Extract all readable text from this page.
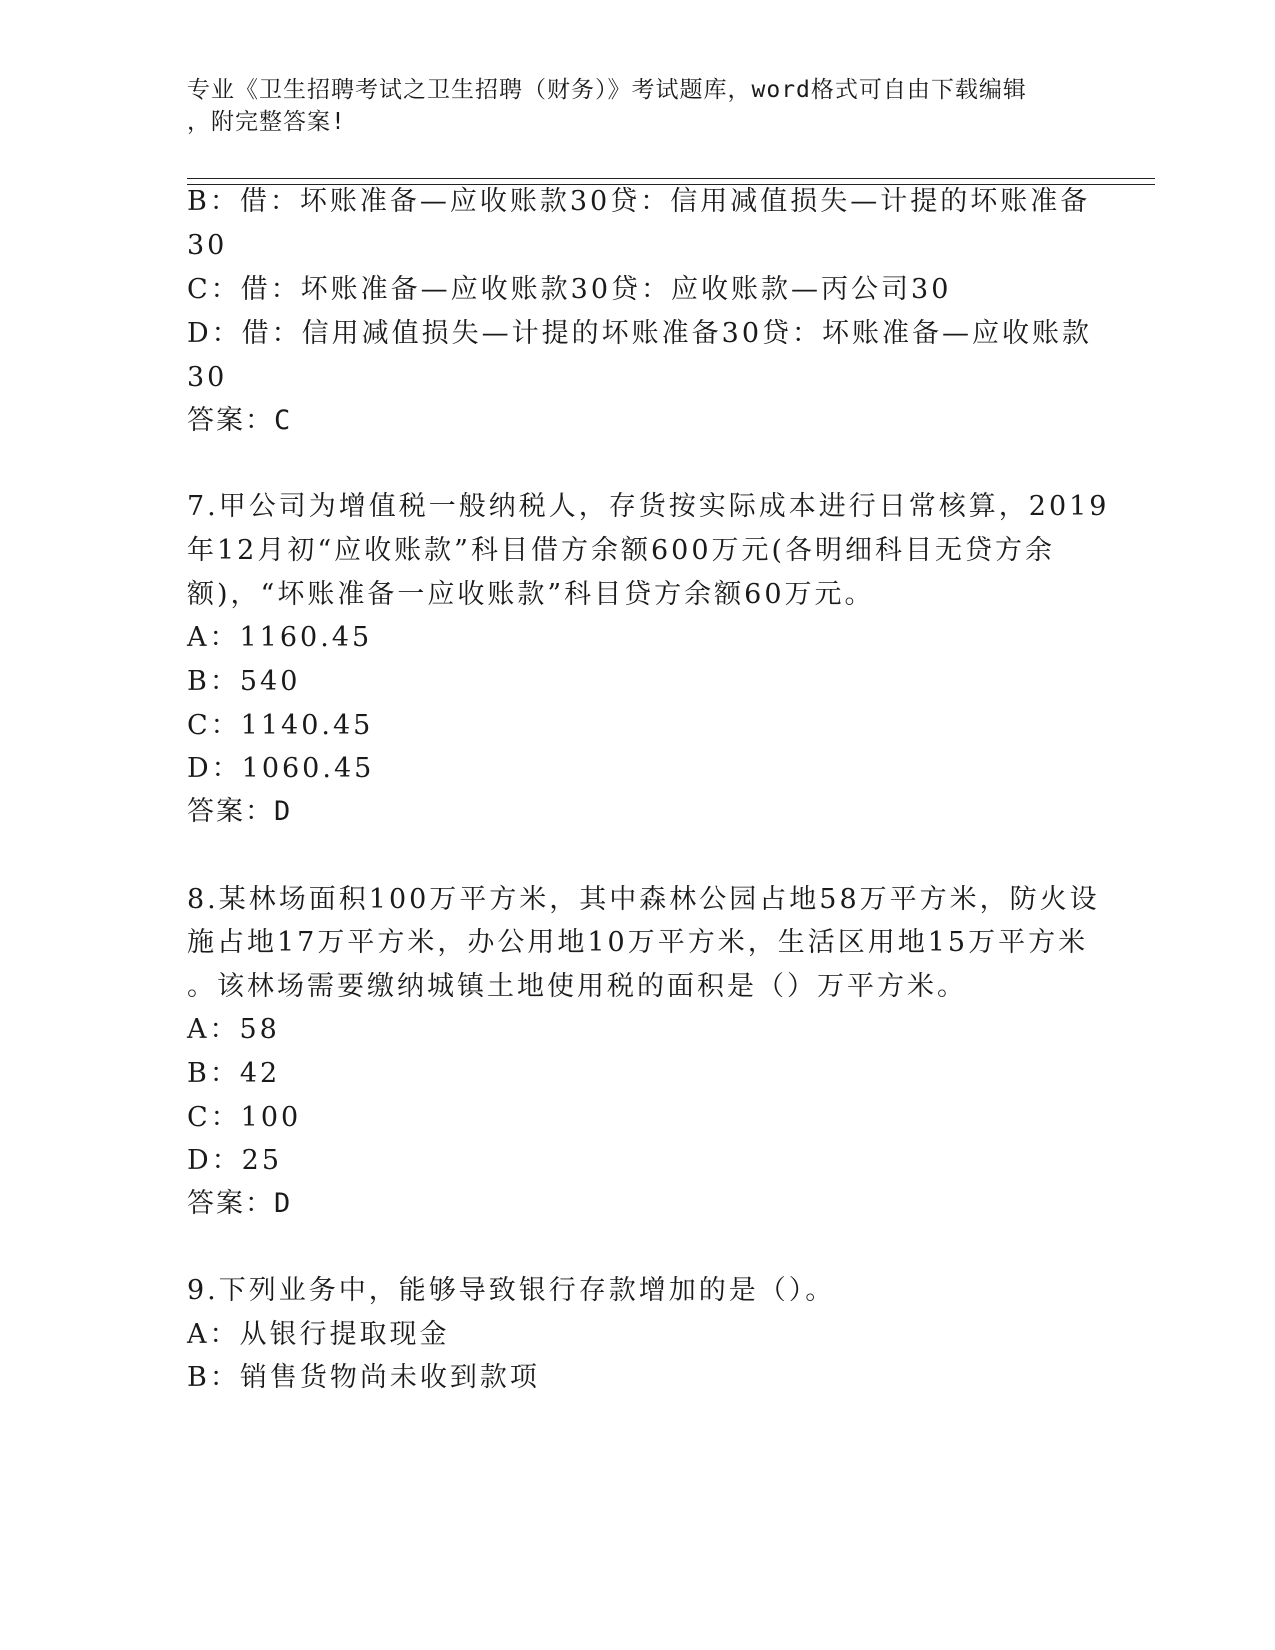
专业《卫生招聘考试之卫生招聘（财务）》考试题库，word格式可自由下载编辑
，附完整答案!
B：借：坏账准备—应收账款30贷：信用减值损失—计提的坏账准备
30
C：借：坏账准备—应收账款30贷：应收账款—丙公司30
D：借：信用减值损失—计提的坏账准备30贷：坏账准备—应收账款
30
答案：C
7.甲公司为增值税一般纳税人，存货按实际成本进行日常核算，2019
年12月初“应收账款”科目借方余额600万元(各明细科目无贷方余
额)，“坏账准备一应收账款”科目贷方余额60万元。
A：1160.45
B：540
C：1140.45
D：1060.45
答案：D
8.某林场面积100万平方米，其中森林公园占地58万平方米，防火设
施占地17万平方米，办公用地10万平方米，生活区用地15万平方米
。该林场需要缴纳城镇土地使用税的面积是（）万平方米。
A：58
B：42
C：100
D：25
答案：D
9.下列业务中，能够导致银行存款增加的是（）。
A：从银行提取现金
B：销售货物尚未收到款项
